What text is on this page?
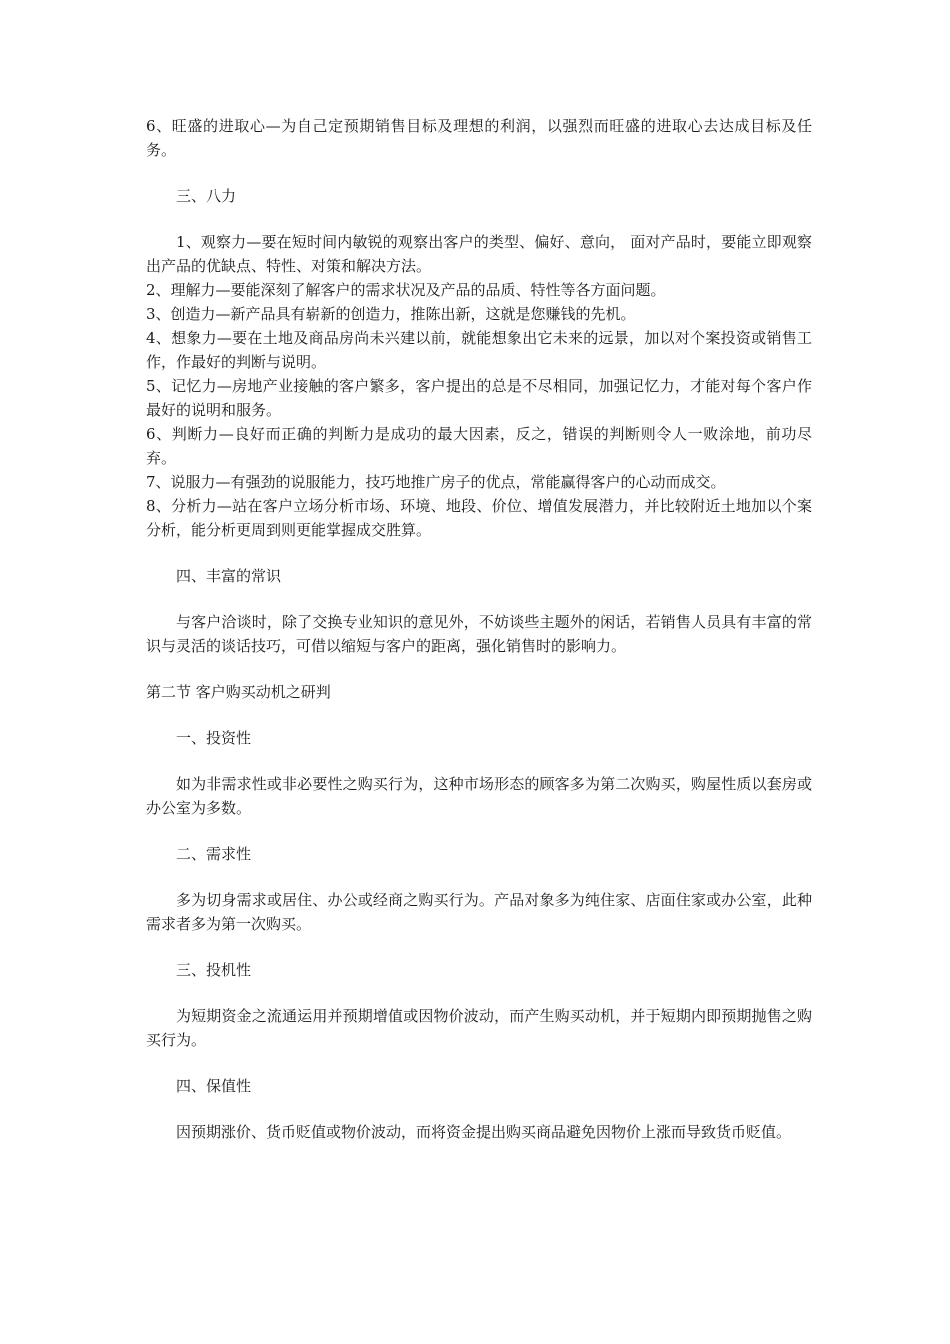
6、旺盛的进取心—为自己定预期销售目标及理想的利润，以强烈而旺盛的进取心去达成目标及任务。

三、八力

1、观察力—要在短时间内敏锐的观察出客户的类型、偏好、意向， 面对产品时，要能立即观察出产品的优缺点、特性、对策和解决方法。

2、理解力—要能深刻了解客户的需求状况及产品的品质、特性等各方面问题。

3、创造力—新产品具有崭新的创造力，推陈出新，这就是您赚钱的先机。

4、想象力—要在土地及商品房尚未兴建以前，就能想象出它未来的远景，加以对个案投资或销售工作，作最好的判断与说明。

5、记忆力—房地产业接触的客户繁多，客户提出的总是不尽相同，加强记忆力，才能对每个客户作最好的说明和服务。

6、判断力—良好而正确的判断力是成功的最大因素，反之，错误的判断则令人一败涂地，前功尽弃。

7、说服力—有强劲的说服能力，技巧地推广房子的优点，常能赢得客户的心动而成交。

8、分析力—站在客户立场分析市场、环境、地段、价位、增值发展潜力，并比较附近土地加以个案分析，能分析更周到则更能掌握成交胜算。

四、丰富的常识

与客户洽谈时，除了交换专业知识的意见外，不妨谈些主题外的闲话，若销售人员具有丰富的常识与灵活的谈话技巧，可借以缩短与客户的距离，强化销售时的影响力。

第二节 客户购买动机之研判

一、投资性

如为非需求性或非必要性之购买行为，这种市场形态的顾客多为第二次购买，购屋性质以套房或办公室为多数。

二、需求性

多为切身需求或居住、办公或经商之购买行为。产品对象多为纯住家、店面住家或办公室，此种需求者多为第一次购买。

三、投机性

为短期资金之流通运用并预期增值或因物价波动，而产生购买动机，并于短期内即预期抛售之购买行为。

四、保值性

因预期涨价、货币贬值或物价波动，而将资金提出购买商品避免因物价上涨而导致货币贬值。
